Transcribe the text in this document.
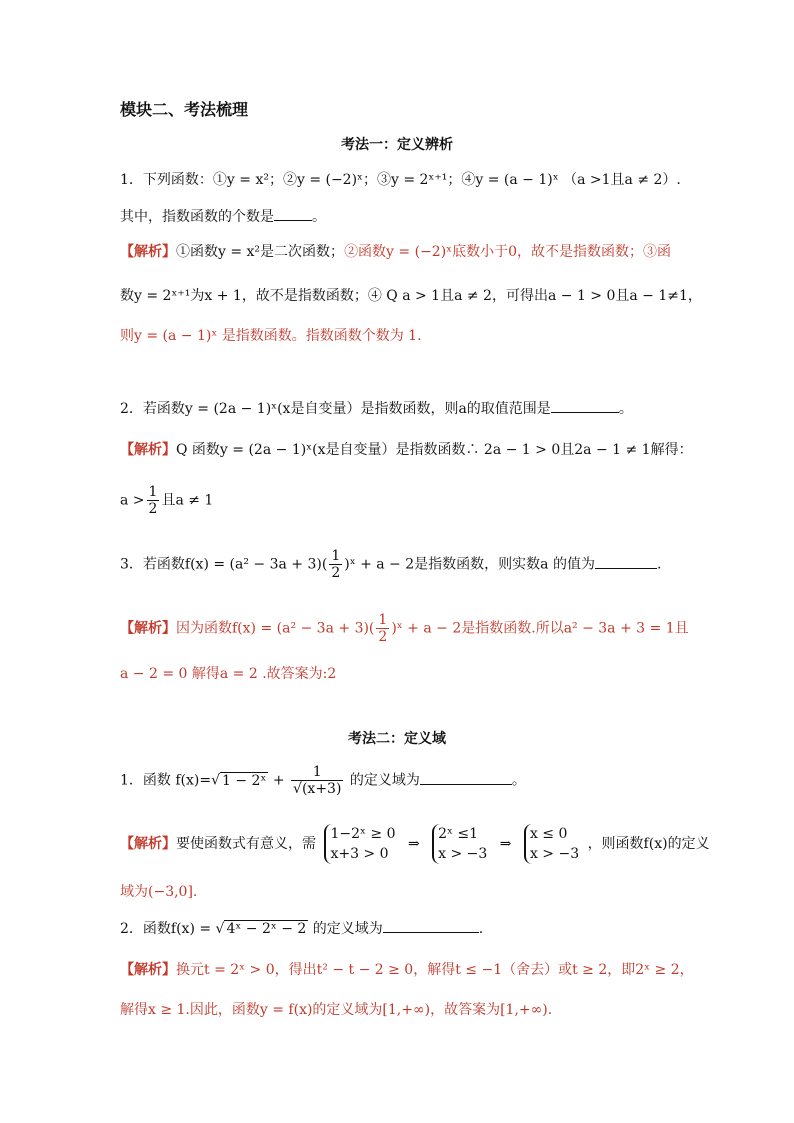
模块二、考法梳理
考法一：定义辨析
1．下列函数：①y = x²；②y = (−2)ˣ；③y = 2ˣ⁺¹；④y = (a − 1)ˣ （a >1且a ≠ 2）.
其中，指数函数的个数是	。
【解析】①函数y = x²是二次函数；②函数y = (−2)ˣ底数小于0，故不是指数函数；③函
数y = 2ˣ⁺¹为x + 1，故不是指数函数；④ Q a > 1且a ≠ 2，可得出a − 1 > 0且a − 1≠1，
则y = (a − 1)ˣ 是指数函数。指数函数个数为 1.
2．若函数y = (2a − 1)ˣ(x是自变量）是指数函数，则a的取值范围是	。
【解析】Q 函数y = (2a − 1)ˣ(x是自变量）是指数函数∴ 2a − 1 > 0且2a − 1 ≠ 1解得：
$a > \frac{1}{2}$ 且a ≠ 1
3．若函数$f(x) = (a^2 - 3a + 3)( \frac{1}{2}$ )ˣ + a − 2是指数函数，则实数a 的值为	.
【解析】因为函数$f(x) = (a^2 - 3a + 3)( \frac{1}{2}$ )ˣ + a − 2是指数函数.所以a² − 3a + 3 = 1且
a − 2 = 0 解得a = 2 .故答案为:2
考法二：定义域
1．函数 f(x)=√ 1 − 2ˣ + $\frac{1}{√(x+3)}$ 的定义域为	。
【解析】要使函数式有意义，需
1−2ˣ ≥ 0
x+3 > 0
⇒
2ˣ ≤1
x > −3
⇒
x ≤ 0
x > −3
，则函数f(x)的定义
域为(−3,0].
2．函数f(x) = √ 4ˣ − 2ˣ − 2 的定义域为	.
【解析】换元t = 2ˣ > 0，得出t² − t − 2 ≥ 0，解得t ≤ −1（舍去）或t ≥ 2，即2ˣ ≥ 2，
解得x ≥ 1.因此，函数y = f(x)的定义域为[1,+∞)，故答案为[1,+∞).
